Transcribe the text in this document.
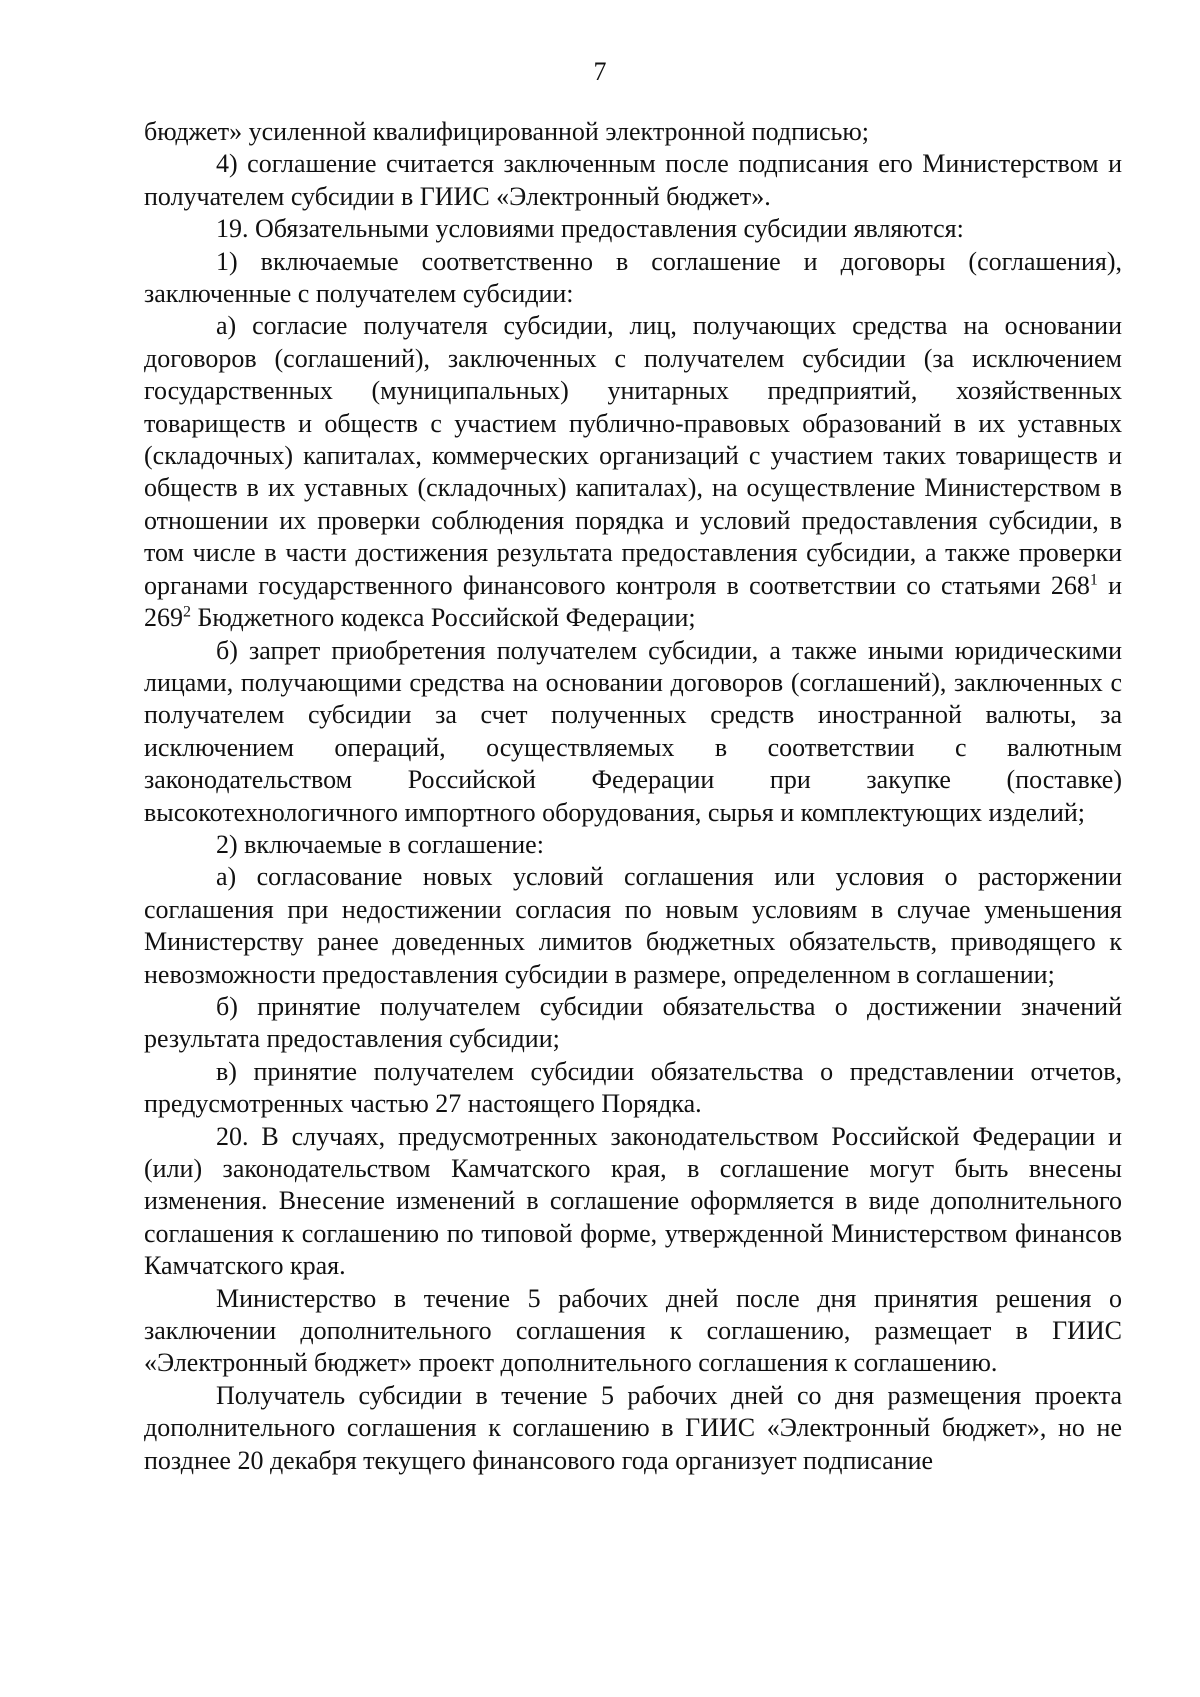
7

бюджет» усиленной квалифицированной электронной подписью;

4) соглашение считается заключенным после подписания его Министерством и получателем субсидии в ГИИС «Электронный бюджет».

19. Обязательными условиями предоставления субсидии являются:

1) включаемые соответственно в соглашение и договоры (соглашения), заключенные с получателем субсидии:

а) согласие получателя субсидии, лиц, получающих средства на основании договоров (соглашений), заключенных с получателем субсидии (за исключением государственных (муниципальных) унитарных предприятий, хозяйственных товариществ и обществ с участием публично-правовых образований в их уставных (складочных) капиталах, коммерческих организаций с участием таких товариществ и обществ в их уставных (складочных) капиталах), на осуществление Министерством в отношении их проверки соблюдения порядка и условий предоставления субсидии, в том числе в части достижения результата предоставления субсидии, а также проверки органами государственного финансового контроля в соответствии со статьями $268^1$ и $269^2$ Бюджетного кодекса Российской Федерации;

б) запрет приобретения получателем субсидии, а также иными юридическими лицами, получающими средства на основании договоров (соглашений), заключенных с получателем субсидии за счет полученных средств иностранной валюты, за исключением операций, осуществляемых в соответствии с валютным законодательством Российской Федерации при закупке (поставке) высокотехнологичного импортного оборудования, сырья и комплектующих изделий;

2) включаемые в соглашение:

а) согласование новых условий соглашения или условия о расторжении соглашения при недостижении согласия по новым условиям в случае уменьшения Министерству ранее доведенных лимитов бюджетных обязательств, приводящего к невозможности предоставления субсидии в размере, определенном в соглашении;

б) принятие получателем субсидии обязательства о достижении значений результата предоставления субсидии;

в) принятие получателем субсидии обязательства о представлении отчетов, предусмотренных частью 27 настоящего Порядка.

20. В случаях, предусмотренных законодательством Российской Федерации и (или) законодательством Камчатского края, в соглашение могут быть внесены изменения. Внесение изменений в соглашение оформляется в виде дополнительного соглашения к соглашению по типовой форме, утвержденной Министерством финансов Камчатского края.

Министерство в течение 5 рабочих дней после дня принятия решения о заключении дополнительного соглашения к соглашению, размещает в ГИИС «Электронный бюджет» проект дополнительного соглашения к соглашению.

Получатель субсидии в течение 5 рабочих дней со дня размещения проекта дополнительного соглашения к соглашению в ГИИС «Электронный бюджет», но не позднее 20 декабря текущего финансового года организует подписание
